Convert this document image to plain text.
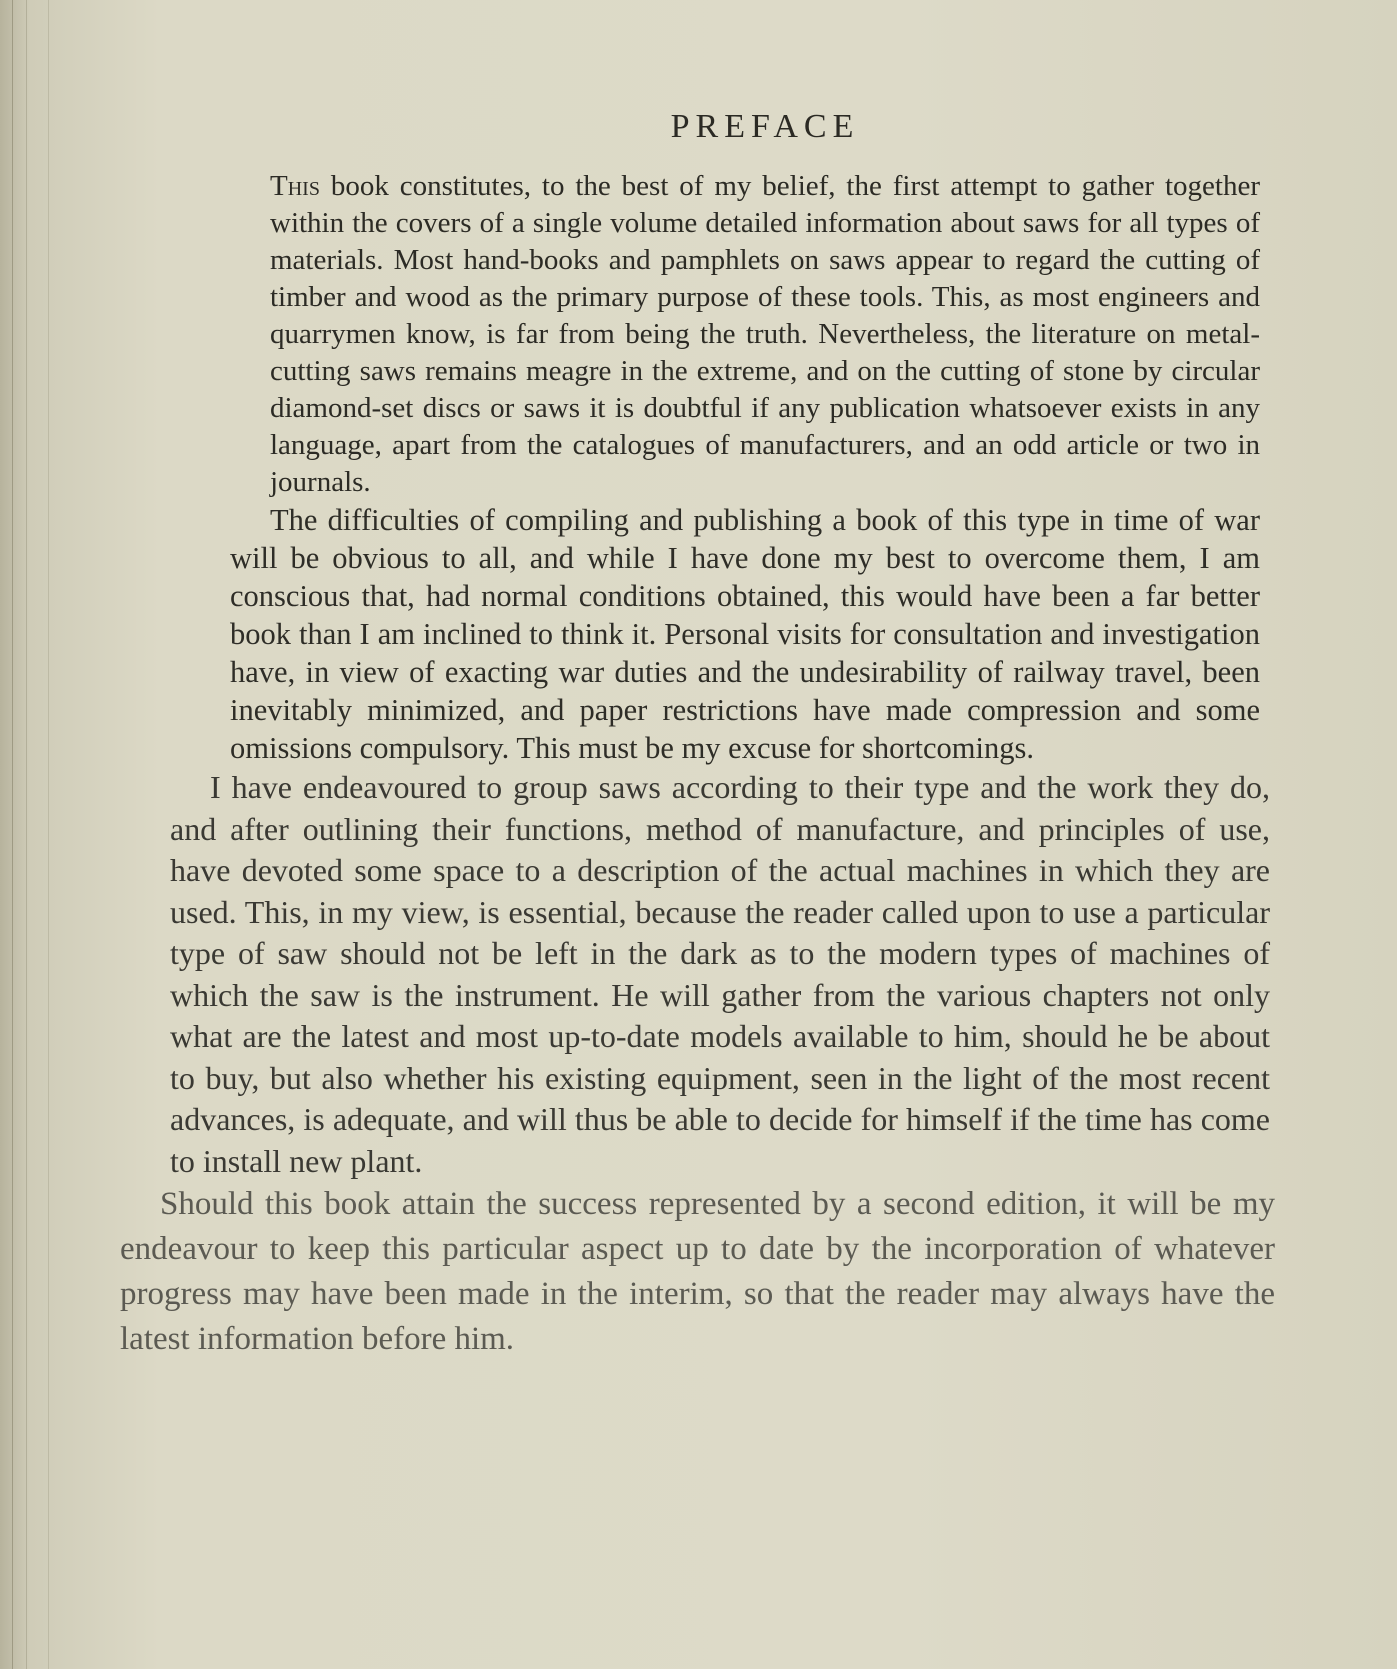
PREFACE

This book constitutes, to the best of my belief, the first attempt to gather together within the covers of a single volume detailed information about saws for all types of materials. Most hand-books and pamphlets on saws appear to regard the cutting of timber and wood as the primary purpose of these tools. This, as most engineers and quarrymen know, is far from being the truth. Nevertheless, the literature on metal-cutting saws remains meagre in the extreme, and on the cutting of stone by circular diamond-set discs or saws it is doubtful if any publication whatsoever exists in any language, apart from the catalogues of manufacturers, and an odd article or two in journals.

The difficulties of compiling and publishing a book of this type in time of war will be obvious to all, and while I have done my best to overcome them, I am conscious that, had normal conditions obtained, this would have been a far better book than I am inclined to think it. Personal visits for consultation and investigation have, in view of exacting war duties and the undesirability of railway travel, been inevitably minimized, and paper restrictions have made compression and some omissions compulsory. This must be my excuse for shortcomings.

I have endeavoured to group saws according to their type and the work they do, and after outlining their functions, method of manufacture, and principles of use, have devoted some space to a description of the actual machines in which they are used. This, in my view, is essential, because the reader called upon to use a particular type of saw should not be left in the dark as to the modern types of machines of which the saw is the instrument. He will gather from the various chapters not only what are the latest and most up-to-date models available to him, should he be about to buy, but also whether his existing equipment, seen in the light of the most recent advances, is adequate, and will thus be able to decide for himself if the time has come to install new plant.

Should this book attain the success represented by a second edition, it will be my endeavour to keep this particular aspect up to date by the incorporation of whatever progress may have been made in the interim, so that the reader may always have the latest information before him.
